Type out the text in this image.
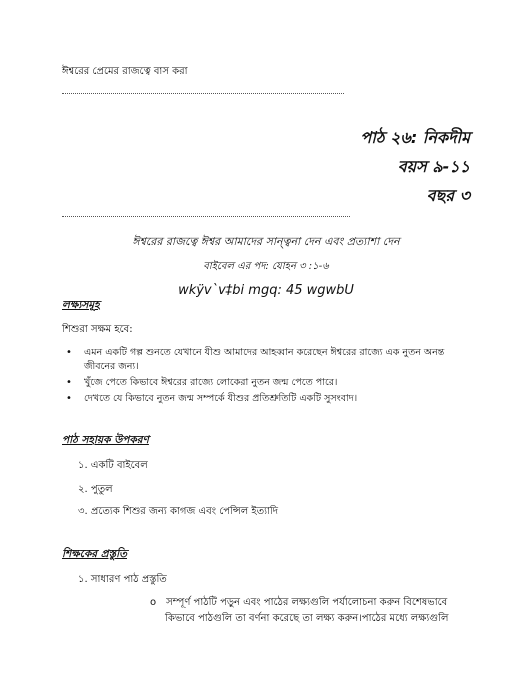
ঈশ্বরের প্রেমের রাজত্বে বাস করা
পাঠ ২৬: নিকদীম
বয়স ৯-১১
বছর ৩
ঈশ্বরের রাজত্বে ঈশ্বর আমাদের সান্ত্বনা দেন এবং প্রত্যাশা দেন
বাইবেল এর পদ: যোহন ৩ :১-৬
wkÿv`v‡bi mgq: 45 wgwbU
লক্ষ্যসমূহ
শিশুরা সক্ষম হবে:
• এমন একটি গল্প শুনতে যেখানে যীশু আমাদের আহব্বান করেছেন ঈশ্বরের রাজ্যে এক নুতন অনন্ত জীবনের জন্য।
• খুঁজে পেতে কিভাবে ঈশ্বরের রাজ্যে লোকেরা নুতন জন্ম পেতে পারে।
• দেখতে যে কিভাবে নুতন জন্ম সম্পর্কে যীশুর প্রতিশ্রুতিটি একটি সুসংবাদ।
পাঠ সহায়ক উপকরণ
১. একটি বাইবেল
২. পুতুল
৩. প্রত্যেক শিশুর জন্য কাগজ এবং পেন্সিল ইত্যাদি
শিক্ষকের প্রস্তুতি
১. সাধারণ পাঠ প্রস্তুতি
o সম্পূর্ণ পাঠটি পড়ুন এবং পাঠের লক্ষ্যগুলি পর্যালোচনা করুন বিশেষভাবে
কিভাবে পাঠগুলি তা বর্ণনা করেছে তা লক্ষ্য করুন।পাঠের মধ্যে লক্ষ্যগুলি
